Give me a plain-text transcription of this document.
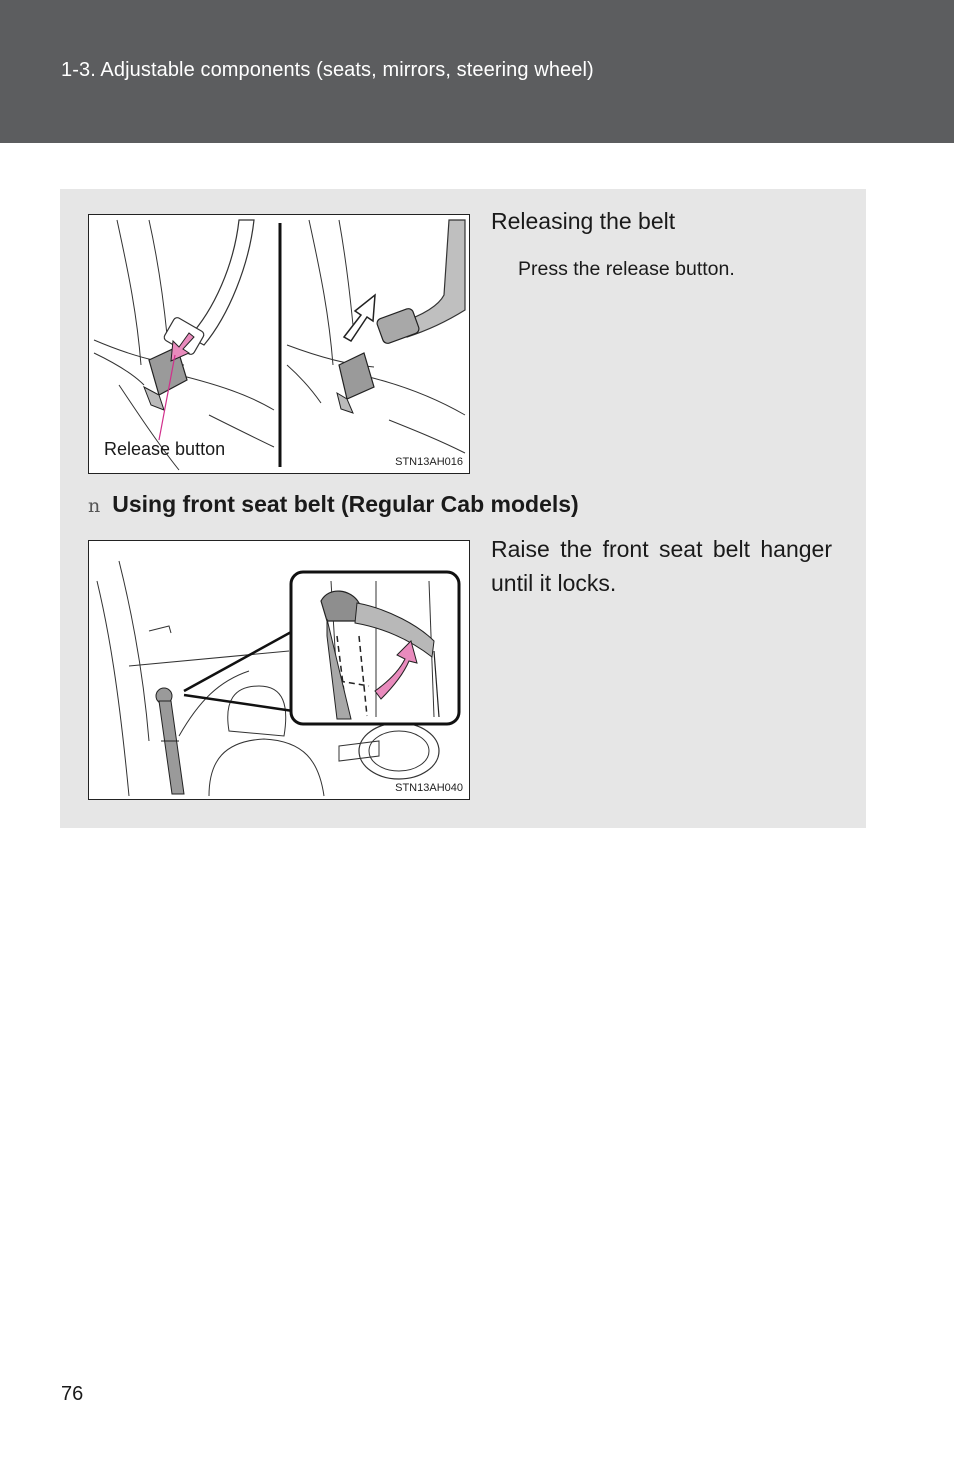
1-3. Adjustable components (seats, mirrors, steering wheel)
Release button
STN13AH016
Releasing the belt
Press the release button.
n Using front seat belt (Regular Cab models)
STN13AH040
Raise the front seat belt hanger until it locks.
76
